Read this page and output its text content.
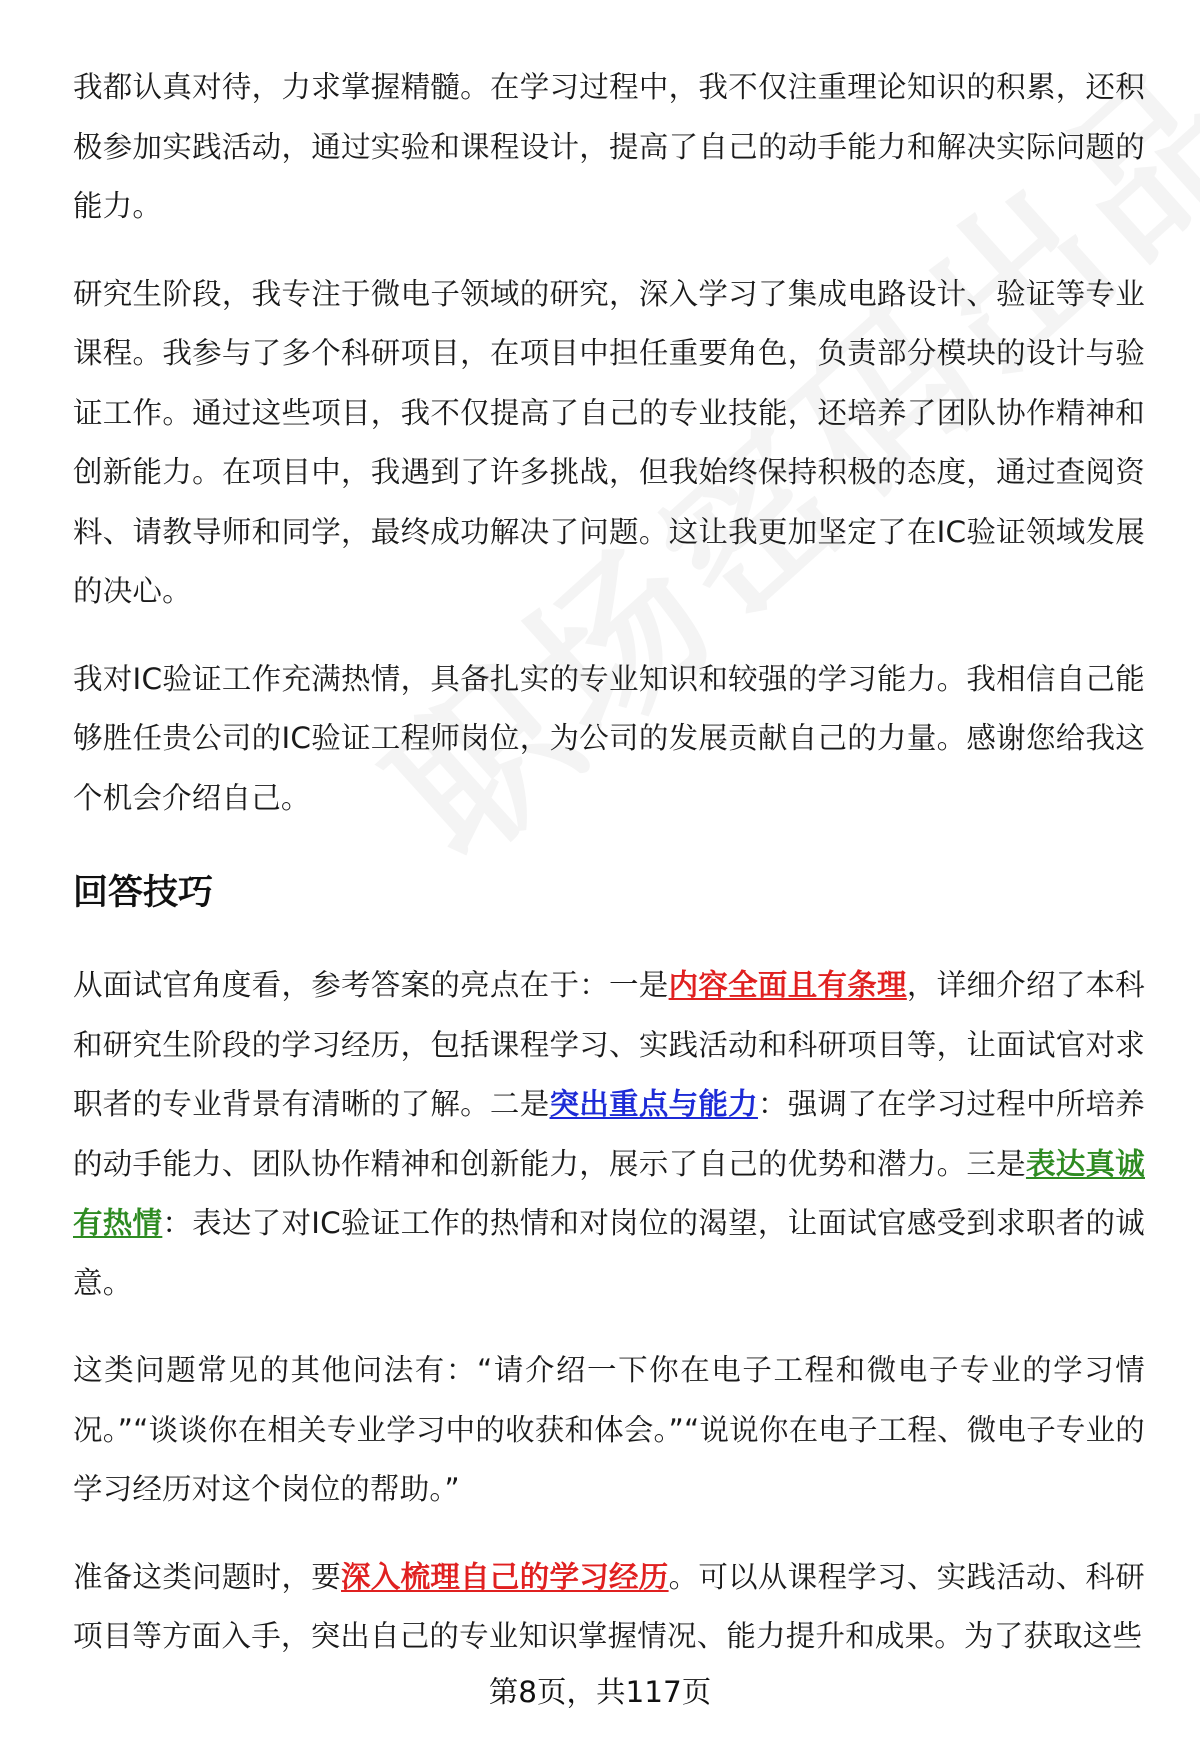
我都认真对待，力求掌握精髓。在学习过程中，我不仅注重理论知识的积累，还积极参加实践活动，通过实验和课程设计，提高了自己的动手能力和解决实际问题的能力。

研究生阶段，我专注于微电子领域的研究，深入学习了集成电路设计、验证等专业课程。我参与了多个科研项目，在项目中担任重要角色，负责部分模块的设计与验证工作。通过这些项目，我不仅提高了自己的专业技能，还培养了团队协作精神和创新能力。在项目中，我遇到了许多挑战，但我始终保持积极的态度，通过查阅资料、请教导师和同学，最终成功解决了问题。这让我更加坚定了在IC验证领域发展的决心。

我对IC验证工作充满热情，具备扎实的专业知识和较强的学习能力。我相信自己能够胜任贵公司的IC验证工程师岗位，为公司的发展贡献自己的力量。感谢您给我这个机会介绍自己。

回答技巧

从面试官角度看，参考答案的亮点在于：一是内容全面且有条理，详细介绍了本科和研究生阶段的学习经历，包括课程学习、实践活动和科研项目等，让面试官对求职者的专业背景有清晰的了解。二是突出重点与能力：强调了在学习过程中所培养的动手能力、团队协作精神和创新能力，展示了自己的优势和潜力。三是表达真诚有热情：表达了对IC验证工作的热情和对岗位的渴望，让面试官感受到求职者的诚意。

这类问题常见的其他问法有：“请介绍一下你在电子工程和微电子专业的学习情况。”“谈谈你在相关专业学习中的收获和体会。”“说说你在电子工程、微电子专业的学习经历对这个岗位的帮助。”

准备这类问题时，要深入梳理自己的学习经历。可以从课程学习、实践活动、科研项目等方面入手，突出自己的专业知识掌握情况、能力提升和成果。为了获取这些

第8页，共117页
